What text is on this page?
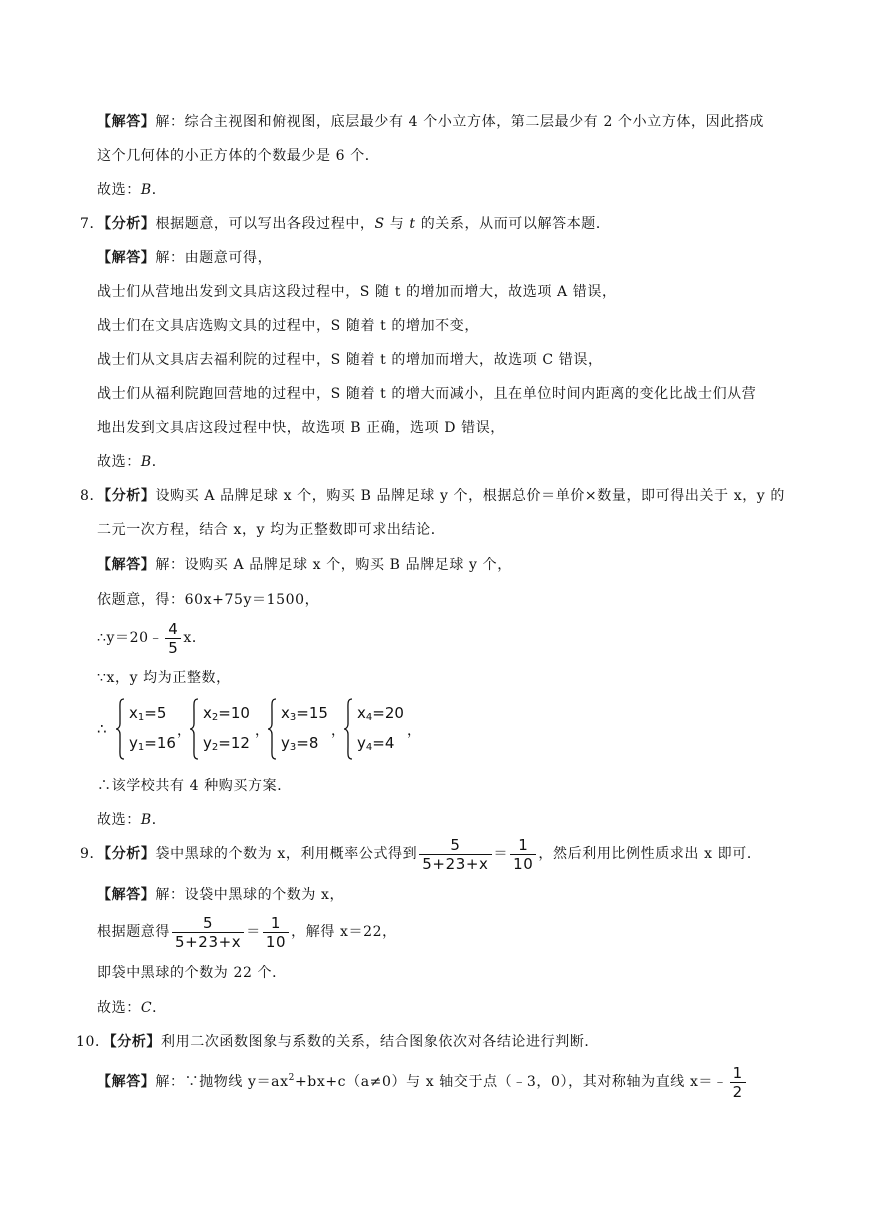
【解答】解：综合主视图和俯视图，底层最少有 4 个小立方体，第二层最少有 2 个小立方体，因此搭成
这个几何体的小正方体的个数最少是 6 个．
故选：B．
7．【分析】根据题意，可以写出各段过程中，S 与 t 的关系，从而可以解答本题．
【解答】解：由题意可得，
战士们从营地出发到文具店这段过程中，S 随 t 的增加而增大，故选项 A 错误，
战士们在文具店选购文具的过程中，S 随着 t 的增加不变，
战士们从文具店去福利院的过程中，S 随着 t 的增加而增大，故选项 C 错误，
战士们从福利院跑回营地的过程中，S 随着 t 的增大而减小，且在单位时间内距离的变化比战士们从营
地出发到文具店这段过程中快，故选项 B 正确，选项 D 错误，
故选：B．
8．【分析】设购买 A 品牌足球 x 个，购买 B 品牌足球 y 个，根据总价＝单价×数量，即可得出关于 x，y 的
二元一次方程，结合 x，y 均为正整数即可求出结论．
【解答】解：设购买 A 品牌足球 x 个，购买 B 品牌足球 y 个，
依题意，得：60x+75y＝1500，
∴y＝20﹣ $\frac{4}{5}$ x．
∵x，y 均为正整数，
∴
$x_1=5$
$y_1=16$
，
$x_2=10$
$y_2=12$
，
$x_3=15$
$y_3=8$
，
$x_4=20$
$y_4=4$
，
∴该学校共有 4 种购买方案．
故选：B．
9．【分析】袋中黑球的个数为 x，利用概率公式得到 $\frac{5}{5+23+x} = \frac{1}{10}$ ，然后利用比例性质求出 x 即可．
【解答】解：设袋中黑球的个数为 x，
根据题意得 $\frac{5}{5+23+x} = \frac{1}{10}$ ，解得 x＝22，
即袋中黑球的个数为 22 个．
故选：C．
10．【分析】利用二次函数图象与系数的关系，结合图象依次对各结论进行判断．
【解答】解：∵抛物线 $y=ax^2+bx+c(a\ne 0)$与 x 轴交于点（﹣3，0），其对称轴为直线 x＝﹣ $\frac{1}{2}$
